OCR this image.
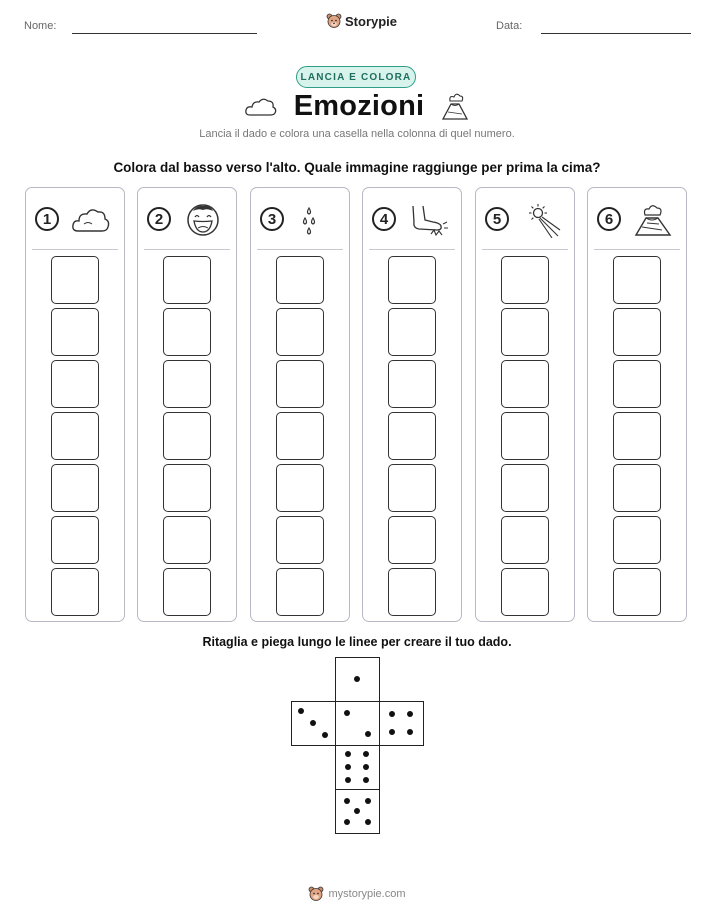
Nome:	Data:
Storypie
LANCIA E COLORA
Emozioni
Lancia il dado e colora una casella nella colonna di quel numero.
Colora dal basso verso l'alto. Quale immagine raggiunge per prima la cima?
1	2	3	4	5	6
Ritaglia e piega lungo le linee per creare il tuo dado.
mystorypie.com
